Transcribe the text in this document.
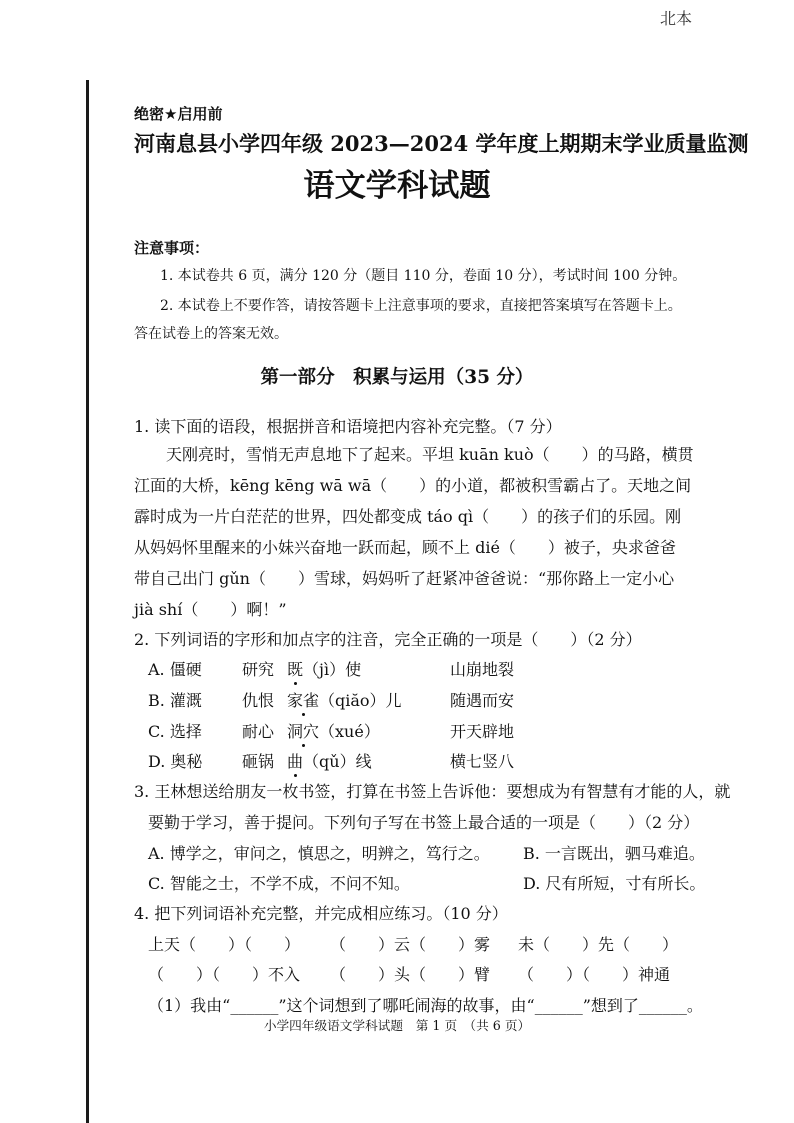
北本
绝密★启用前
河南息县小学四年级 2023—2024 学年度上期期末学业质量监测
语文学科试题
注意事项：
1. 本试卷共 6 页，满分 120 分（题目 110 分，卷面 10 分），考试时间 100 分钟。
2. 本试卷上不要作答，请按答题卡上注意事项的要求，直接把答案填写在答题卡上。
答在试卷上的答案无效。
第一部分　积累与运用（35 分）
1. 读下面的语段，根据拼音和语境把内容补充完整。（7 分）
　　天刚亮时，雪悄无声息地下了起来。平坦 kuān kuò（　　）的马路，横贯
江面的大桥，kēng kēng wā wā（　　）的小道，都被积雪霸占了。天地之间
霹时成为一片白茫茫的世界，四处都变成 táo qì（　　）的孩子们的乐园。刚
从妈妈怀里醒来的小妹兴奋地一跃而起，顾不上 dié（　　）被子，央求爸爸
带自己出门 gǔn（　　）雪球，妈妈听了赶紧冲爸爸说：“那你路上一定小心
jià shí（　　）啊！”
2. 下列词语的字形和加点字的注音，完全正确的一项是（　　）（2 分）
A. 僵硬	研究 既（jì）使	山崩地裂
B. 灌溉	仇恨 家雀（qiăo）儿	随遇而安
C. 选择	耐心 洞穴（xué）	开天辟地
D. 奥秘 砸锅 曲（qǔ）线	横七竖八
3. 王林想送给朋友一枚书签，打算在书签上告诉他：要想成为有智慧有才能的人，就
要勤于学习，善于提问。下列句子写在书签上最合适的一项是（　　）（2 分）
A. 博学之，审问之，慎思之，明辨之，笃行之。 B. 一言既出，驷马难追。
C. 智能之士，不学不成，不问不知。	D. 尺有所短，寸有所长。
4. 把下列词语补充完整，并完成相应练习。（10 分）
上天（　　）（　　） （　　）云（　　）雾 未（　　）先（　　）
（　　）（　　）不入 （　　）头（　　）臂 （　　）（　　）神通
（1）我由“______”这个词想到了哪吒闹海的故事，由“______”想到了______。
小学四年级语文学科试题　第 1 页　（共 6 页）
